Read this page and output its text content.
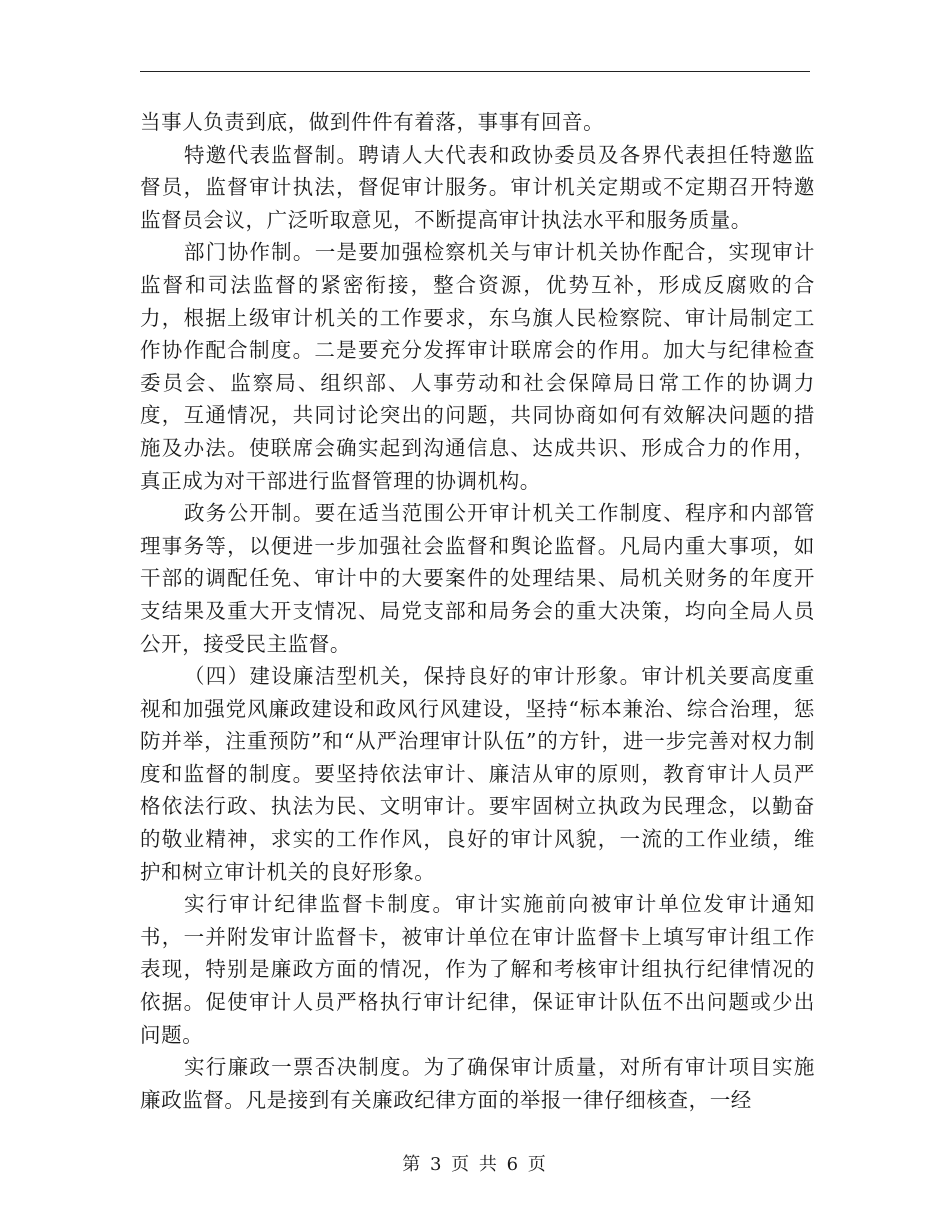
当事人负责到底，做到件件有着落，事事有回音。

特邀代表监督制。聘请人大代表和政协委员及各界代表担任特邀监督员，监督审计执法，督促审计服务。审计机关定期或不定期召开特邀监督员会议，广泛听取意见，不断提高审计执法水平和服务质量。

部门协作制。一是要加强检察机关与审计机关协作配合，实现审计监督和司法监督的紧密衔接，整合资源，优势互补，形成反腐败的合力，根据上级审计机关的工作要求，东乌旗人民检察院、审计局制定工作协作配合制度。二是要充分发挥审计联席会的作用。加大与纪律检查委员会、监察局、组织部、人事劳动和社会保障局日常工作的协调力度，互通情况，共同讨论突出的问题，共同协商如何有效解决问题的措施及办法。使联席会确实起到沟通信息、达成共识、形成合力的作用，真正成为对干部进行监督管理的协调机构。

政务公开制。要在适当范围公开审计机关工作制度、程序和内部管理事务等，以便进一步加强社会监督和舆论监督。凡局内重大事项，如干部的调配任免、审计中的大要案件的处理结果、局机关财务的年度开支结果及重大开支情况、局党支部和局务会的重大决策，均向全局人员公开，接受民主监督。

（四）建设廉洁型机关，保持良好的审计形象。审计机关要高度重视和加强党风廉政建设和政风行风建设，坚持“标本兼治、综合治理，惩防并举，注重预防”和“从严治理审计队伍”的方针，进一步完善对权力制度和监督的制度。要坚持依法审计、廉洁从审的原则，教育审计人员严格依法行政、执法为民、文明审计。要牢固树立执政为民理念，以勤奋的敬业精神，求实的工作作风，良好的审计风貌，一流的工作业绩，维护和树立审计机关的良好形象。

实行审计纪律监督卡制度。审计实施前向被审计单位发审计通知书，一并附发审计监督卡，被审计单位在审计监督卡上填写审计组工作表现，特别是廉政方面的情况，作为了解和考核审计组执行纪律情况的依据。促使审计人员严格执行审计纪律，保证审计队伍不出问题或少出问题。

实行廉政一票否决制度。为了确保审计质量，对所有审计项目实施廉政监督。凡是接到有关廉政纪律方面的举报一律仔细核查，一经

第 3 页 共 6 页
